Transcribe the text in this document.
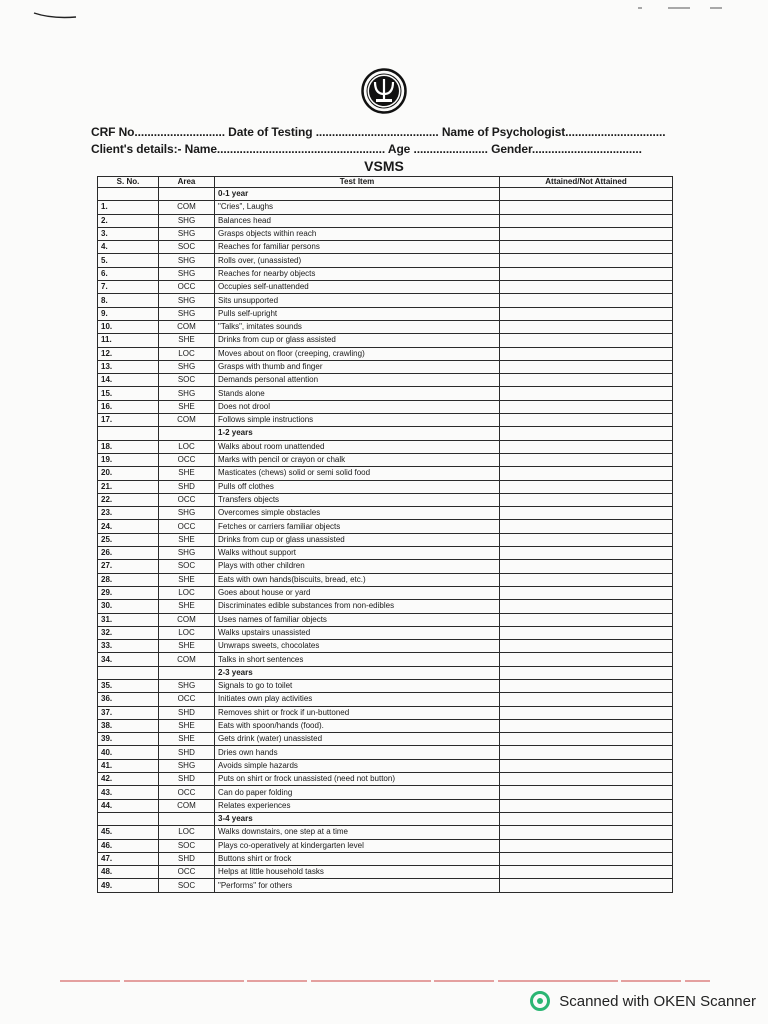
CRF No............................ Date of Testing ...................................... Name of Psychologist...............................
Client's details:- Name.................................................... Age ....................... Gender..................................
VSMS
S. No.	Area	Test Item	Attained/Not Attained
		0-1 year	
1.	COM	"Cries", Laughs	
2.	SHG	Balances head	
3.	SHG	Grasps objects within reach	
4.	SOC	Reaches for familiar persons	
5.	SHG	Rolls over, (unassisted)	
6.	SHG	Reaches for nearby objects	
7.	OCC	Occupies self-unattended	
8.	SHG	Sits unsupported	
9.	SHG	Pulls self-upright	
10.	COM	"Talks", imitates sounds	
11.	SHE	Drinks from cup or glass assisted	
12.	LOC	Moves about on floor (creeping, crawling)	
13.	SHG	Grasps with thumb and finger	
14.	SOC	Demands personal attention	
15.	SHG	Stands alone	
16.	SHE	Does not drool	
17.	COM	Follows simple instructions	
		1-2 years	
18.	LOC	Walks about room unattended	
19.	OCC	Marks with pencil or crayon or chalk	
20.	SHE	Masticates (chews) solid or semi solid food	
21.	SHD	Pulls off clothes	
22.	OCC	Transfers objects	
23.	SHG	Overcomes simple obstacles	
24.	OCC	Fetches or carriers familiar objects	
25.	SHE	Drinks from cup or glass unassisted	
26.	SHG	Walks without support	
27.	SOC	Plays with other children	
28.	SHE	Eats with own hands(biscuits, bread, etc.)	
29.	LOC	Goes about house or yard	
30.	SHE	Discriminates edible substances from non-edibles	
31.	COM	Uses names of familiar objects	
32.	LOC	Walks upstairs unassisted	
33.	SHE	Unwraps sweets, chocolates	
34.	COM	Talks in short sentences	
		2-3 years	
35.	SHG	Signals to go to toilet	
36.	OCC	Initiates own play activities	
37.	SHD	Removes shirt or frock if un-buttoned	
38.	SHE	Eats with spoon/hands (food).	
39.	SHE	Gets drink (water) unassisted	
40.	SHD	Dries own hands	
41.	SHG	Avoids simple hazards	
42.	SHD	Puts on shirt or frock unassisted (need not button)	
43.	OCC	Can do paper folding	
44.	COM	Relates experiences	
		3-4 years	
45.	LOC	Walks downstairs, one step at a time	
46.	SOC	Plays co-operatively at kindergarten level	
47.	SHD	Buttons shirt or frock	
48.	OCC	Helps at little household tasks	
49.	SOC	"Performs" for others	
Scanned with OKEN Scanner
